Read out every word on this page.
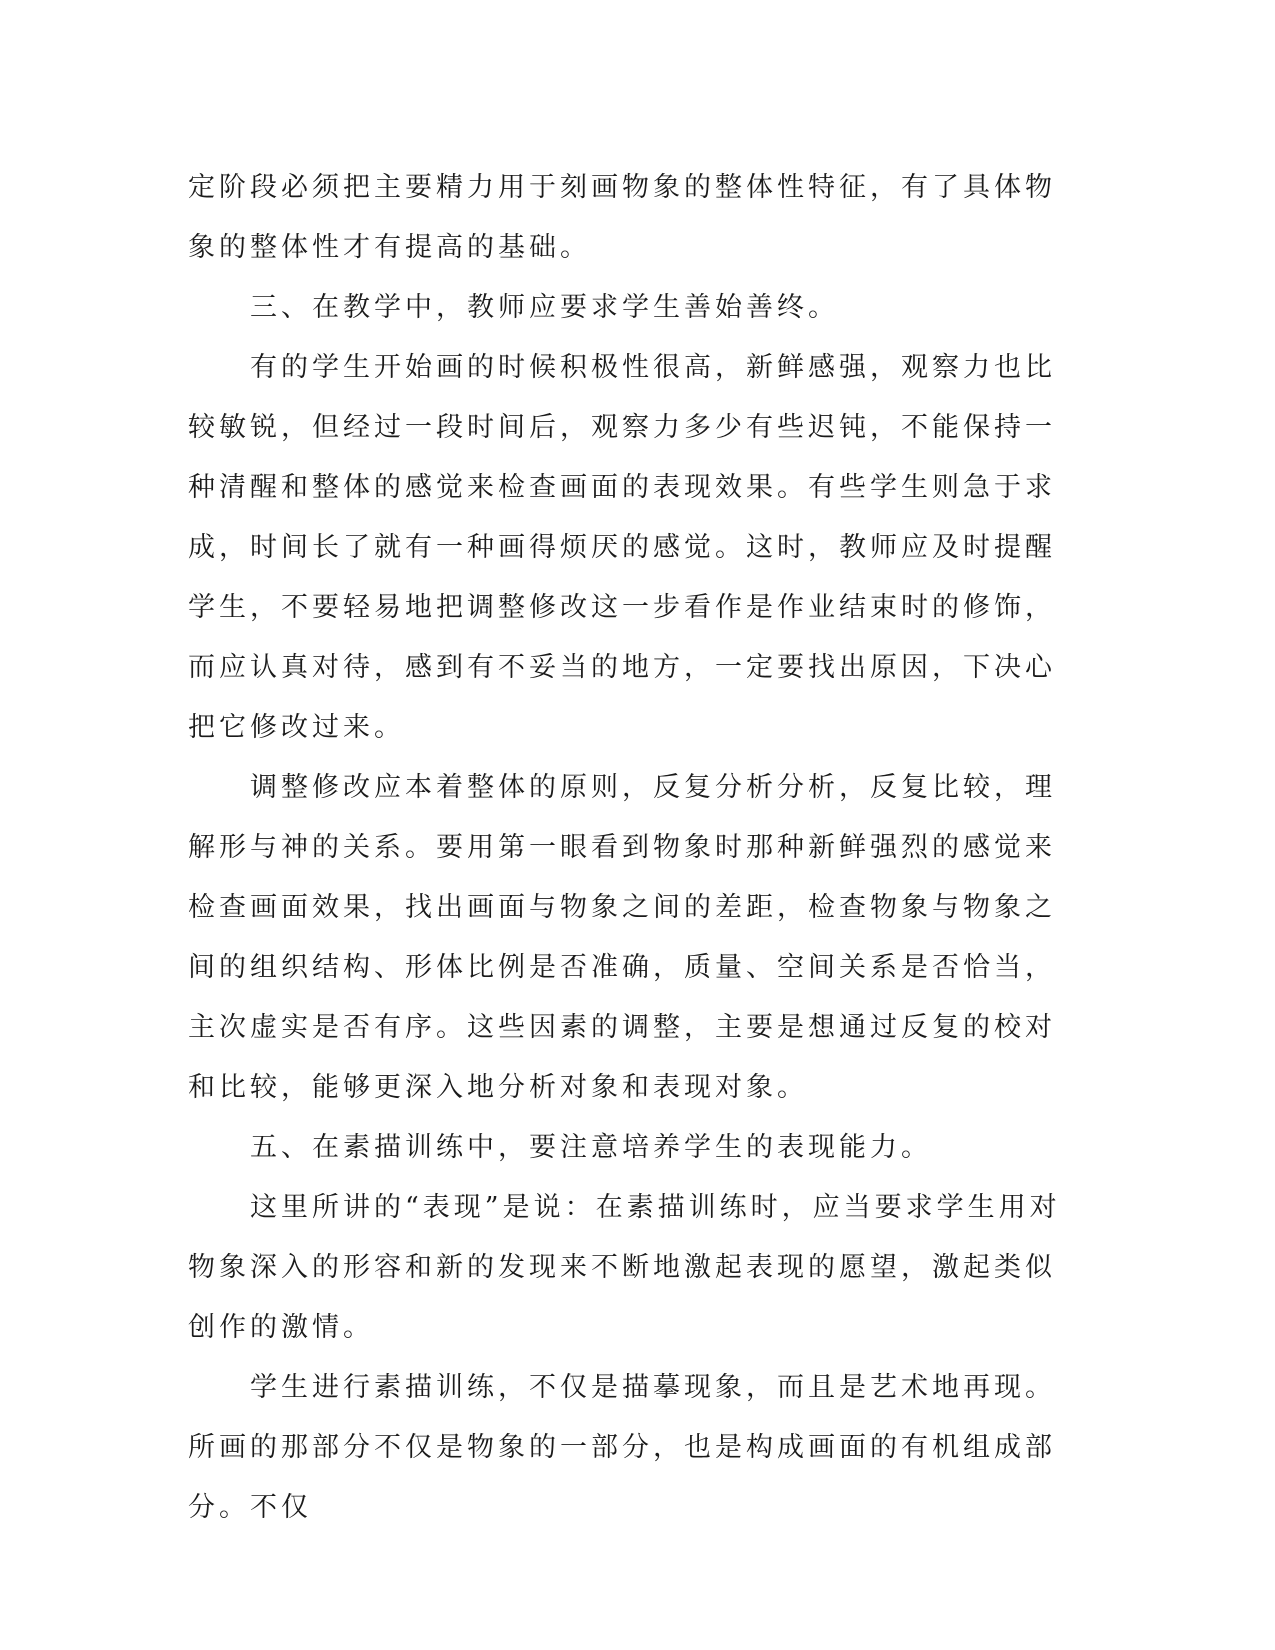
定阶段必须把主要精力用于刻画物象的整体性特征，有了具体物象的整体性才有提高的基础。

三、在教学中，教师应要求学生善始善终。

有的学生开始画的时候积极性很高，新鲜感强，观察力也比较敏锐，但经过一段时间后，观察力多少有些迟钝，不能保持一种清醒和整体的感觉来检查画面的表现效果。有些学生则急于求成，时间长了就有一种画得烦厌的感觉。这时，教师应及时提醒学生，不要轻易地把调整修改这一步看作是作业结束时的修饰，而应认真对待，感到有不妥当的地方，一定要找出原因，下决心把它修改过来。

调整修改应本着整体的原则，反复分析分析，反复比较，理解形与神的关系。要用第一眼看到物象时那种新鲜强烈的感觉来检查画面效果，找出画面与物象之间的差距，检查物象与物象之间的组织结构、形体比例是否准确，质量、空间关系是否恰当，主次虚实是否有序。这些因素的调整，主要是想通过反复的校对和比较，能够更深入地分析对象和表现对象。

五、在素描训练中，要注意培养学生的表现能力。

这里所讲的“表现”是说：在素描训练时，应当要求学生用对物象深入的形容和新的发现来不断地激起表现的愿望，激起类似创作的激情。

学生进行素描训练，不仅是描摹现象，而且是艺术地再现。所画的那部分不仅是物象的一部分，也是构成画面的有机组成部分。不仅
